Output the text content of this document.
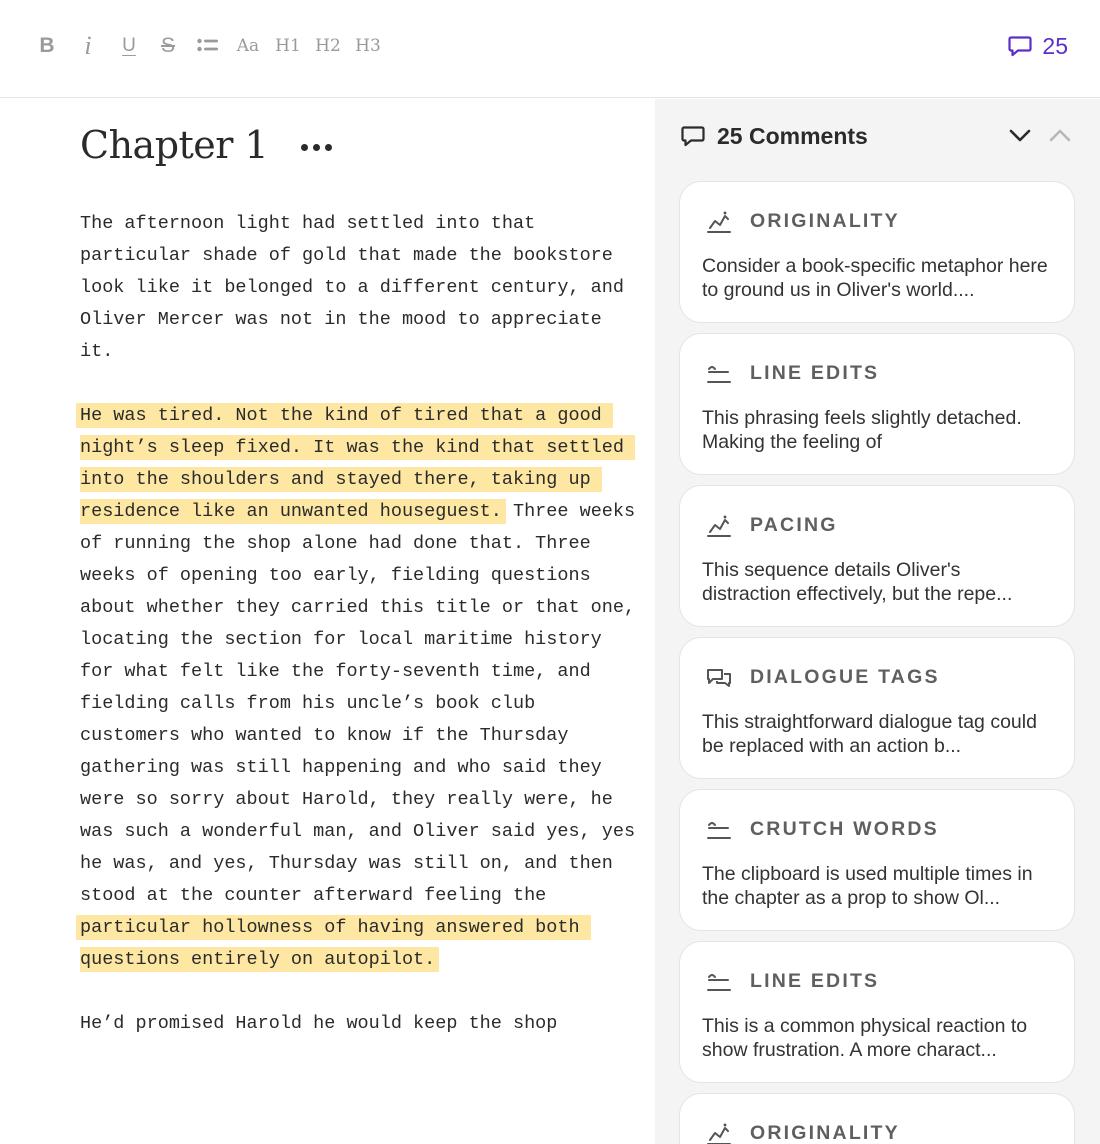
B i U S	Aa H1 H2 H3	25
Chapter 1

The afternoon light had settled into that particular shade of gold that made the bookstore look like it belonged to a different century, and Oliver Mercer was not in the mood to appreciate it.

He was tired. Not the kind of tired that a good night’s sleep fixed. It was the kind that settled into the shoulders and stayed there, taking up residence like an unwanted houseguest. Three weeks of running the shop alone had done that. Three weeks of opening too early, fielding questions about whether they carried this title or that one, locating the section for local maritime history for what felt like the forty-seventh time, and fielding calls from his uncle’s book club customers who wanted to know if the Thursday gathering was still happening and who said they were so sorry about Harold, they really were, he was such a wonderful man, and Oliver said yes, yes he was, and yes, Thursday was still on, and then stood at the counter afterward feeling the particular hollowness of having answered both questions entirely on autopilot.

He’d promised Harold he would keep the shop

25 Comments
ORIGINALITY
Consider a book-specific metaphor here to ground us in Oliver's world....
LINE EDITS
This phrasing feels slightly detached. Making the feeling of
PACING
This sequence details Oliver's distraction effectively, but the repe...
DIALOGUE TAGS
This straightforward dialogue tag could be replaced with an action b...
CRUTCH WORDS
The clipboard is used multiple times in the chapter as a prop to show Ol...
LINE EDITS
This is a common physical reaction to show frustration. A more charact...
ORIGINALITY
